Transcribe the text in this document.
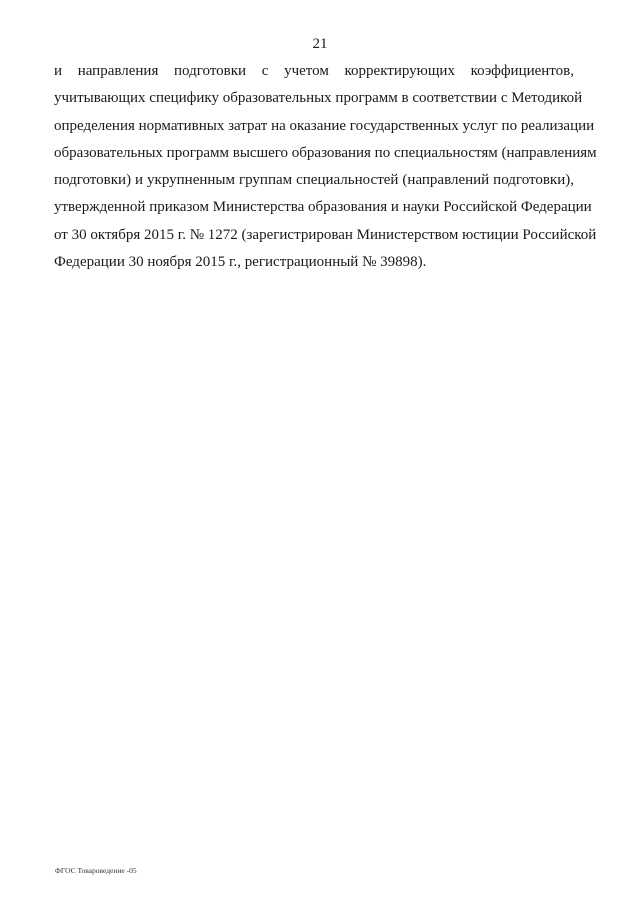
21
и направления подготовки с учетом корректирующих коэффициентов,
учитывающих специфику образовательных программ в соответствии с Методикой
определения нормативных затрат на оказание государственных услуг по реализации
образовательных программ высшего образования по специальностям (направлениям
подготовки) и укрупненным группам специальностей (направлений подготовки),
утвержденной приказом Министерства образования и науки Российской Федерации
от 30 октября 2015 г. № 1272 (зарегистрирован Министерством юстиции Российской
Федерации 30 ноября 2015 г., регистрационный № 39898).
ФГОС Товароведение -05
